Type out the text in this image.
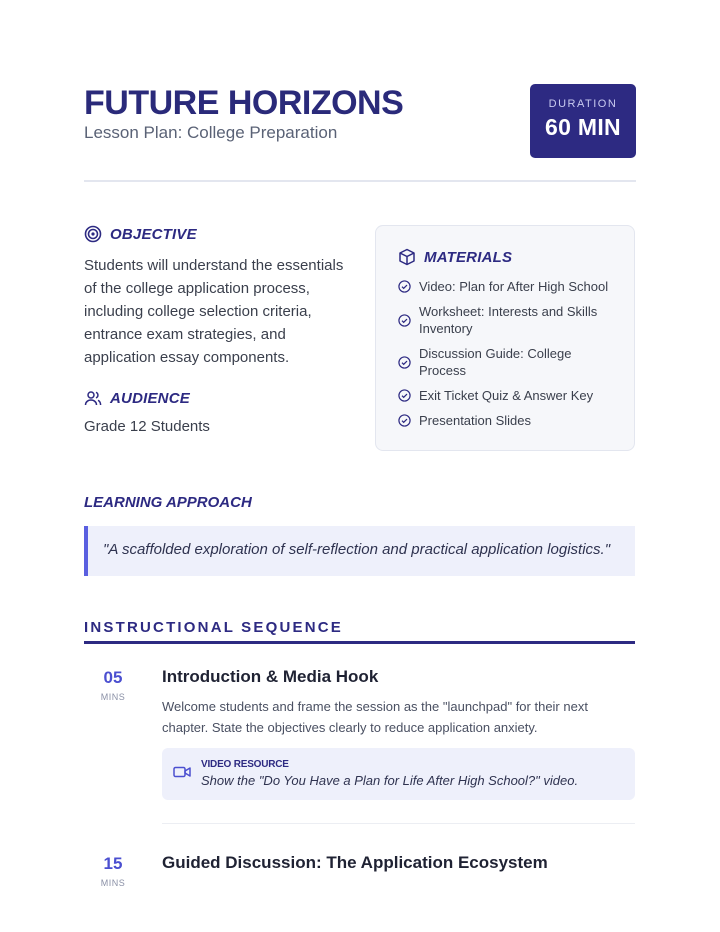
FUTURE HORIZONS
Lesson Plan: College Preparation
DURATION
60 MIN
OBJECTIVE
Students will understand the essentials of the college application process, including college selection criteria, entrance exam strategies, and application essay components.
AUDIENCE
Grade 12 Students
MATERIALS
Video: Plan for After High School
Worksheet: Interests and Skills Inventory
Discussion Guide: College Process
Exit Ticket Quiz & Answer Key
Presentation Slides
LEARNING APPROACH
"A scaffolded exploration of self-reflection and practical application logistics."
INSTRUCTIONAL SEQUENCE
05
MINS
Introduction & Media Hook
Welcome students and frame the session as the "launchpad" for their next chapter. State the objectives clearly to reduce application anxiety.
VIDEO RESOURCE
Show the "Do You Have a Plan for Life After High School?" video.
15
MINS
Guided Discussion: The Application Ecosystem
